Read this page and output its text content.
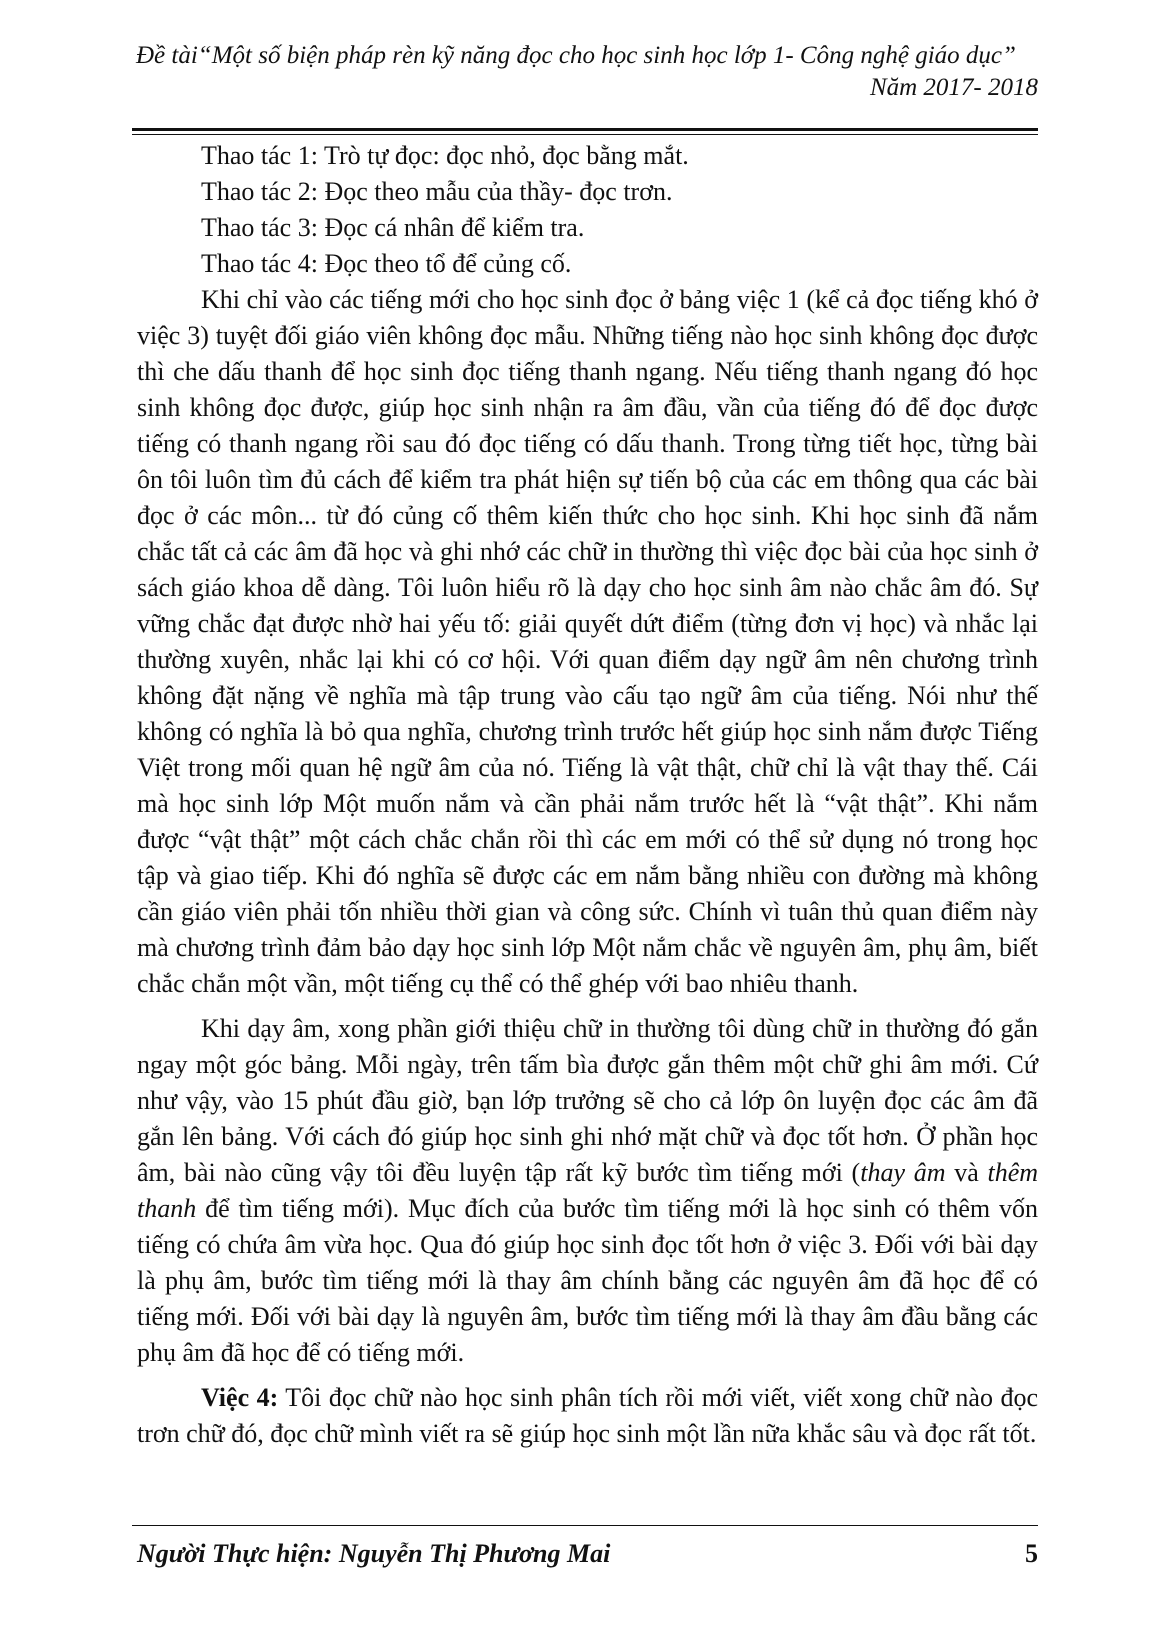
Đề tài“Một số biện pháp rèn kỹ năng đọc cho học sinh học lớp 1- Công nghệ giáo dục”
Năm 2017- 2018

Thao tác 1: Trò tự đọc: đọc nhỏ, đọc bằng mắt.

Thao tác 2: Đọc theo mẫu của thầy- đọc trơn.

Thao tác 3: Đọc cá nhân để kiểm tra.

Thao tác 4: Đọc theo tổ để củng cố.

Khi chỉ vào các tiếng mới cho học sinh đọc ở bảng việc 1 (kể cả đọc tiếng khó ở việc 3) tuyệt đối giáo viên không đọc mẫu. Những tiếng nào học sinh không đọc được thì che dấu thanh để học sinh đọc tiếng thanh ngang. Nếu tiếng thanh ngang đó học sinh không đọc được, giúp học sinh nhận ra âm đầu, vần của tiếng đó để đọc được tiếng có thanh ngang rồi sau đó đọc tiếng có dấu thanh. Trong từng tiết học, từng bài ôn tôi luôn tìm đủ cách để kiểm tra phát hiện sự tiến bộ của các em thông qua các bài đọc ở các môn... từ đó củng cố thêm kiến thức cho học sinh. Khi học sinh đã nắm chắc tất cả các âm đã học và ghi nhớ các chữ in thường thì việc đọc bài của học sinh ở sách giáo khoa dễ dàng. Tôi luôn hiểu rõ là dạy cho học sinh âm nào chắc âm đó. Sự vững chắc đạt được nhờ hai yếu tố: giải quyết dứt điểm (từng đơn vị học) và nhắc lại thường xuyên, nhắc lại khi có cơ hội. Với quan điểm dạy ngữ âm nên chương trình không đặt nặng về nghĩa mà tập trung vào cấu tạo ngữ âm của tiếng. Nói như thế không có nghĩa là bỏ qua nghĩa, chương trình trước hết giúp học sinh nắm được Tiếng Việt trong mối quan hệ ngữ âm của nó. Tiếng là vật thật, chữ chỉ là vật thay thế. Cái mà học sinh lớp Một muốn nắm và cần phải nắm trước hết là “vật thật”. Khi nắm được “vật thật” một cách chắc chắn rồi thì các em mới có thể sử dụng nó trong học tập và giao tiếp. Khi đó nghĩa sẽ được các em nắm bằng nhiều con đường mà không cần giáo viên phải tốn nhiều thời gian và công sức. Chính vì tuân thủ quan điểm này mà chương trình đảm bảo dạy học sinh lớp Một nắm chắc về nguyên âm, phụ âm, biết chắc chắn một vần, một tiếng cụ thể có thể ghép với bao nhiêu thanh.

Khi dạy âm, xong phần giới thiệu chữ in thường tôi dùng chữ in thường đó gắn ngay một góc bảng. Mỗi ngày, trên tấm bìa được gắn thêm một chữ ghi âm mới. Cứ như vậy, vào 15 phút đầu giờ, bạn lớp trưởng sẽ cho cả lớp ôn luyện đọc các âm đã gắn lên bảng. Với cách đó giúp học sinh ghi nhớ mặt chữ và đọc tốt hơn. Ở phần học âm, bài nào cũng vậy tôi đều luyện tập rất kỹ bước tìm tiếng mới (thay âm và thêm thanh để tìm tiếng mới). Mục đích của bước tìm tiếng mới là học sinh có thêm vốn tiếng có chứa âm vừa học. Qua đó giúp học sinh đọc tốt hơn ở việc 3. Đối với bài dạy là phụ âm, bước tìm tiếng mới là thay âm chính bằng các nguyên âm đã học để có tiếng mới. Đối với bài dạy là nguyên âm, bước tìm tiếng mới là thay âm đầu bằng các phụ âm đã học để có tiếng mới.

Việc 4: Tôi đọc chữ nào học sinh phân tích rồi mới viết, viết xong chữ nào đọc trơn chữ đó, đọc chữ mình viết ra sẽ giúp học sinh một lần nữa khắc sâu và đọc rất tốt.

Người Thực hiện: Nguyễn Thị Phương Mai	5
